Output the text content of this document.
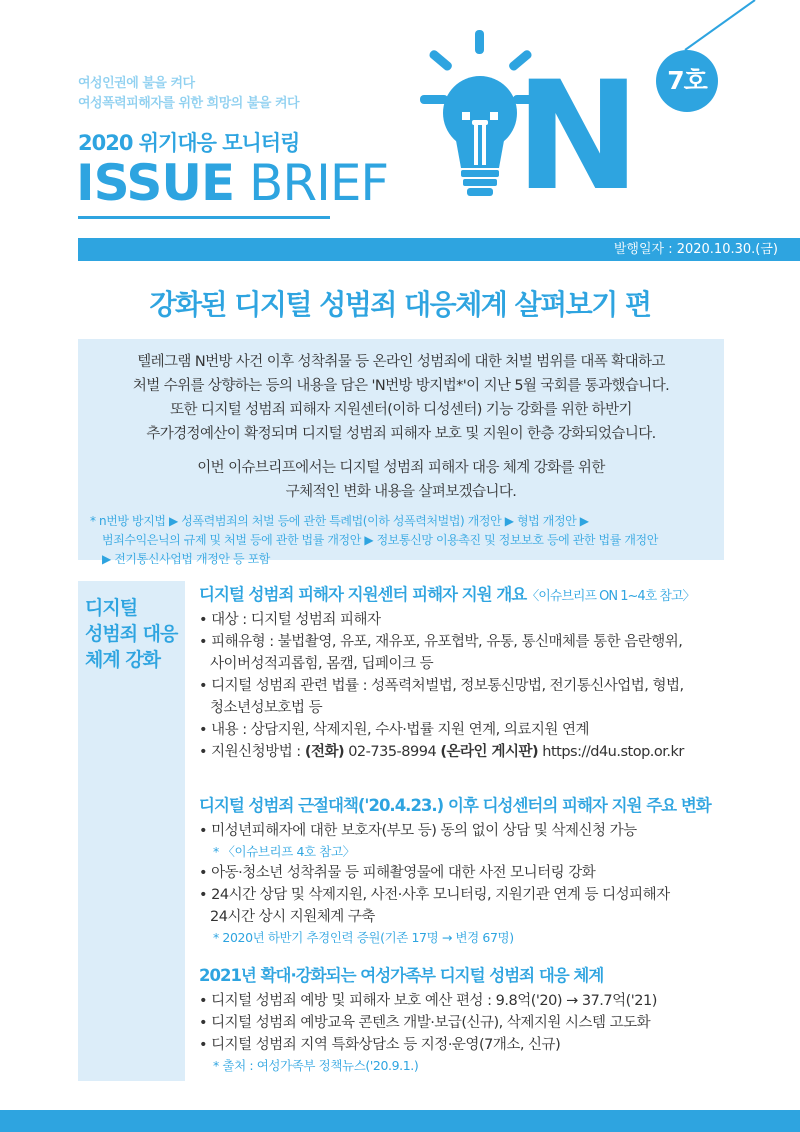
여성인권에 불을 켜다
여성폭력피해자를 위한 희망의 불을 켜다
2020 위기대응 모니터링
ISSUE BRIEF N	7호
발행일자 : 2020.10.30.(금)
강화된 디지털 성범죄 대응체계 살펴보기 편

텔레그램 N번방 사건 이후 성착취물 등 온라인 성범죄에 대한 처벌 범위를 대폭 확대하고

처벌 수위를 상향하는 등의 내용을 담은 'N번방 방지법*'이 지난 5월 국회를 통과했습니다.

또한 디지털 성범죄 피해자 지원센터(이하 디성센터) 기능 강화를 위한 하반기

추가경정예산이 확정되며 디지털 성범죄 피해자 보호 및 지원이 한층 강화되었습니다.

이번 이슈브리프에서는 디지털 성범죄 피해자 대응 체계 강화를 위한

구체적인 변화 내용을 살펴보겠습니다.

* n번방 방지법 ▶ 성폭력범죄의 처벌 등에 관한 특례법(이하 성폭력처벌법) 개정안 ▶ 형법 개정안 ▶
범죄수익은닉의 규제 및 처벌 등에 관한 법률 개정안 ▶ 정보통신망 이용촉진 및 정보보호 등에 관한 법률 개정안
▶ 전기통신사업법 개정안 등 포함
디지털
성범죄 대응
체계 강화
디지털 성범죄 피해자 지원센터 피해자 지원 개요〈이슈브리프 ON 1~4호 참고〉
• 대상 : 디지털 성범죄 피해자
• 피해유형 : 불법촬영, 유포, 재유포, 유포협박, 유통, 통신매체를 통한 음란행위,
사이버성적괴롭힘, 몸캠, 딥페이크 등
• 디지털 성범죄 관련 법률 : 성폭력처벌법, 정보통신망법, 전기통신사업법, 형법,
청소년성보호법 등
• 내용 : 상담지원, 삭제지원, 수사·법률 지원 연계, 의료지원 연계
• 지원신청방법 : (전화) 02-735-8994 (온라인 게시판) https://d4u.stop.or.kr
디지털 성범죄 근절대책('20.4.23.) 이후 디성센터의 피해자 지원 주요 변화
• 미성년피해자에 대한 보호자(부모 등) 동의 없이 상담 및 삭제신청 가능
* 〈이슈브리프 4호 참고〉
• 아동·청소년 성착취물 등 피해촬영물에 대한 사전 모니터링 강화
• 24시간 상담 및 삭제지원, 사전·사후 모니터링, 지원기관 연계 등 디성피해자
24시간 상시 지원체계 구축
* 2020년 하반기 추경인력 증원(기존 17명 → 변경 67명)
2021년 확대·강화되는 여성가족부 디지털 성범죄 대응 체계
• 디지털 성범죄 예방 및 피해자 보호 예산 편성 : 9.8억('20) → 37.7억('21)
• 디지털 성범죄 예방교육 콘텐츠 개발·보급(신규), 삭제지원 시스템 고도화
• 디지털 성범죄 지역 특화상담소 등 지정·운영(7개소, 신규)
* 출처 : 여성가족부 정책뉴스('20.9.1.)
